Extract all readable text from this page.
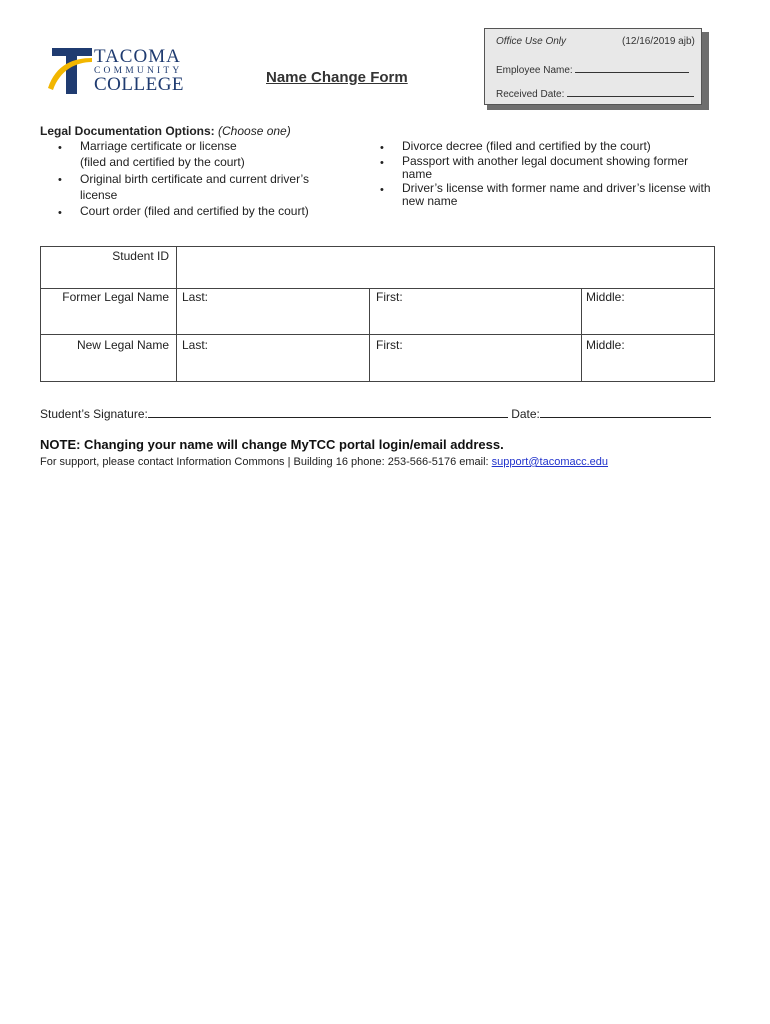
TACOMA
COMMUNITY
COLLEGE	Name Change Form
Office Use Only	(12/16/2019 ajb)
Employee Name:
Received Date:
Legal Documentation Options: (Choose one)
• Marriage certificate or license
(filed and certified by the court)
• Original birth certificate and current driver’s
license
• Court order (filed and certified by the court)
• Divorce decree (filed and certified by the court)
• Passport with another legal document showing former
name
• Driver’s license with former name and driver’s license with
new name
Student ID
Former Legal Name Last:	First:	Middle:
New Legal Name Last:	First:	Middle:
Student’s Signature:	Date:
NOTE: Changing your name will change MyTCC portal login/email address.
For support, please contact Information Commons | Building 16 phone: 253-566-5176 email: support@tacomacc.edu
